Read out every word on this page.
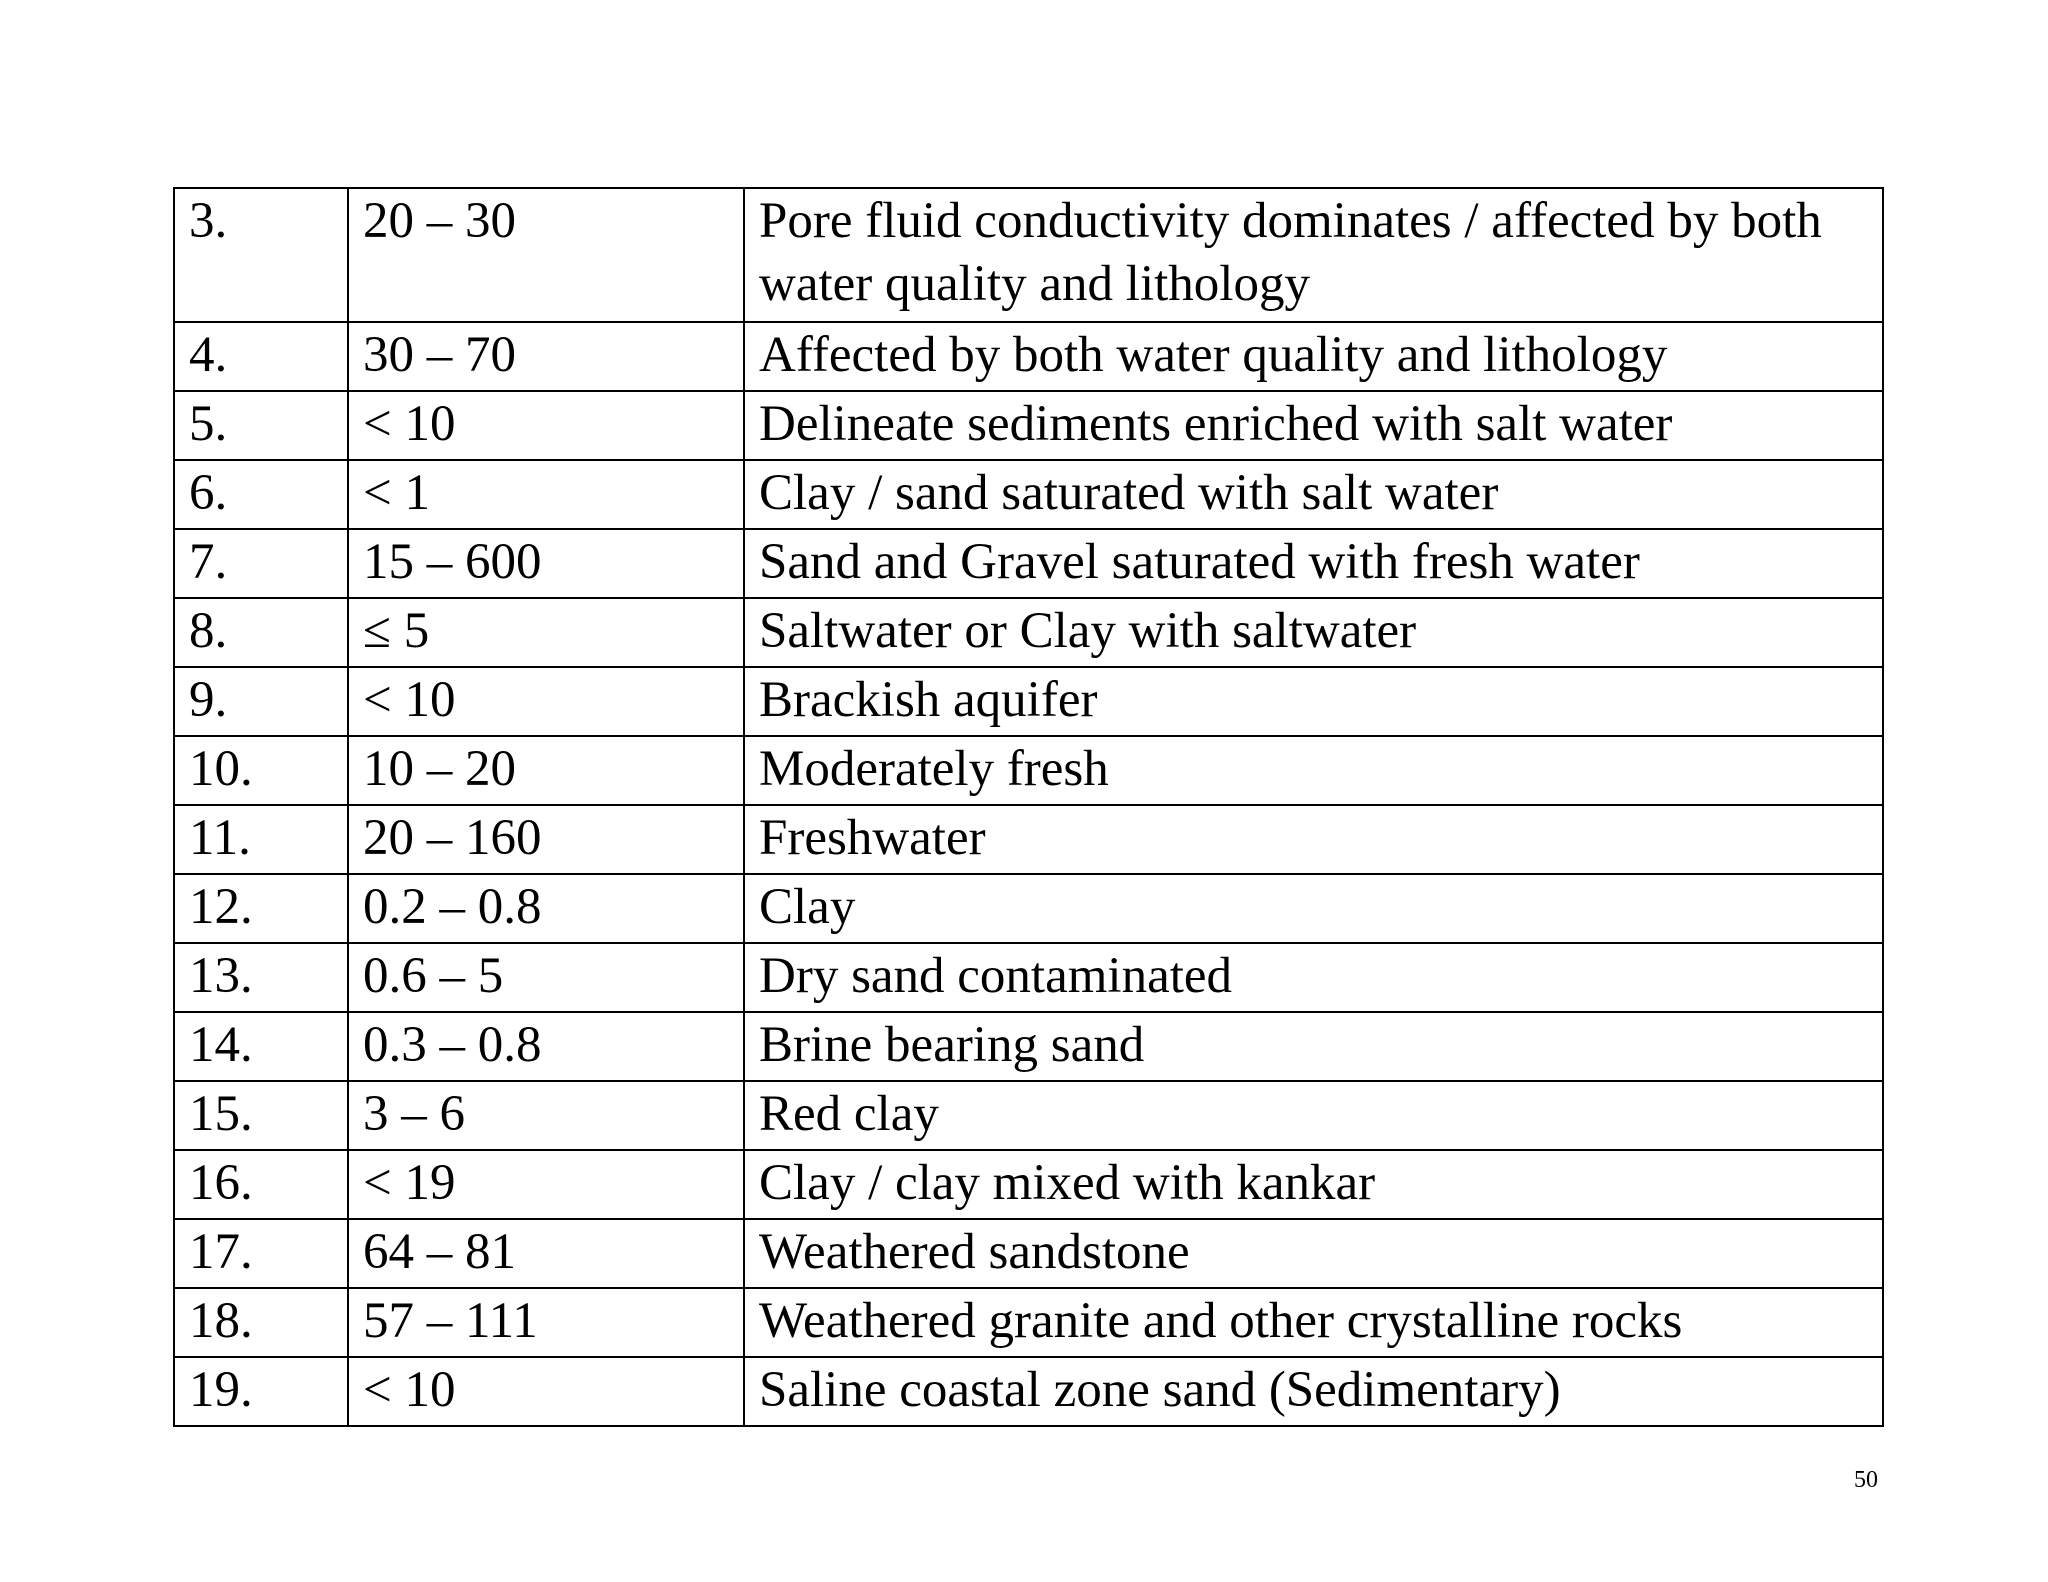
3.	20 – 30	Pore fluid conductivity dominates / affected by both water quality and lithology
4.	30 – 70	Affected by both water quality and lithology
5.	< 10	Delineate sediments enriched with salt water
6.	< 1	Clay / sand saturated with salt water
7.	15 – 600	Sand and Gravel saturated with fresh water
8.	≤ 5	Saltwater or Clay with saltwater
9.	< 10	Brackish aquifer
10.	10 – 20	Moderately fresh
11.	20 – 160	Freshwater
12.	0.2 – 0.8	Clay
13.	0.6 – 5	Dry sand contaminated
14.	0.3 – 0.8	Brine bearing sand
15.	3 – 6	Red clay
16.	< 19	Clay / clay mixed with kankar
17.	64 – 81	Weathered sandstone
18.	57 – 111	Weathered granite and other crystalline rocks
19.	< 10	Saline coastal zone sand (Sedimentary)
50
